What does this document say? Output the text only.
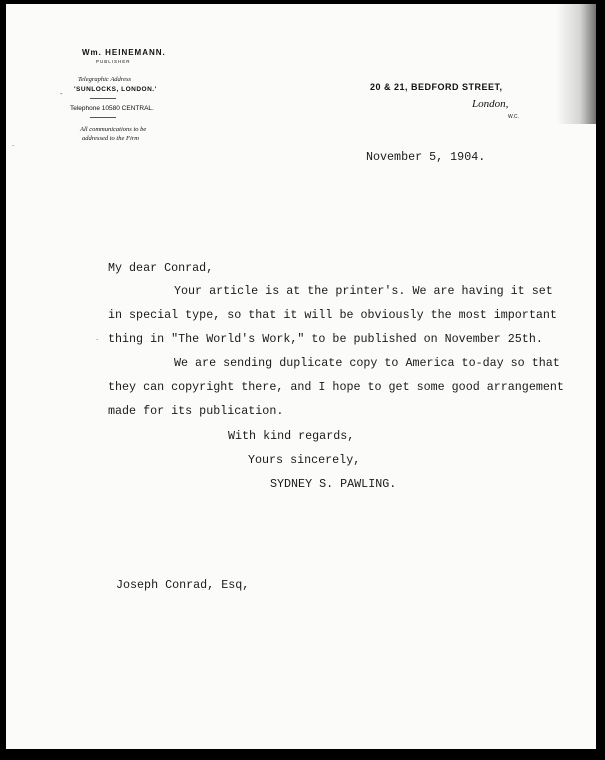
Wm. HEINEMANN.
PUBLISHER
Telegraphic Address
'SUNLOCKS, LONDON.'
Telephone 10580 CENTRAL.
All communications to be
addressed to the Firm
20 & 21, BEDFORD STREET,
London,
W.C.
November 5, 1904.
My dear Conrad,
Your article is at the printer's. We are having it set
in special type, so that it will be obviously the most important
thing in "The World's Work," to be published on November 25th.
We are sending duplicate copy to America to-day so that
they can copyright there, and I hope to get some good arrangement
made for its publication.
With kind regards,
Yours sincerely,
SYDNEY S. PAWLING.
Joseph Conrad, Esq,
-
·
·
